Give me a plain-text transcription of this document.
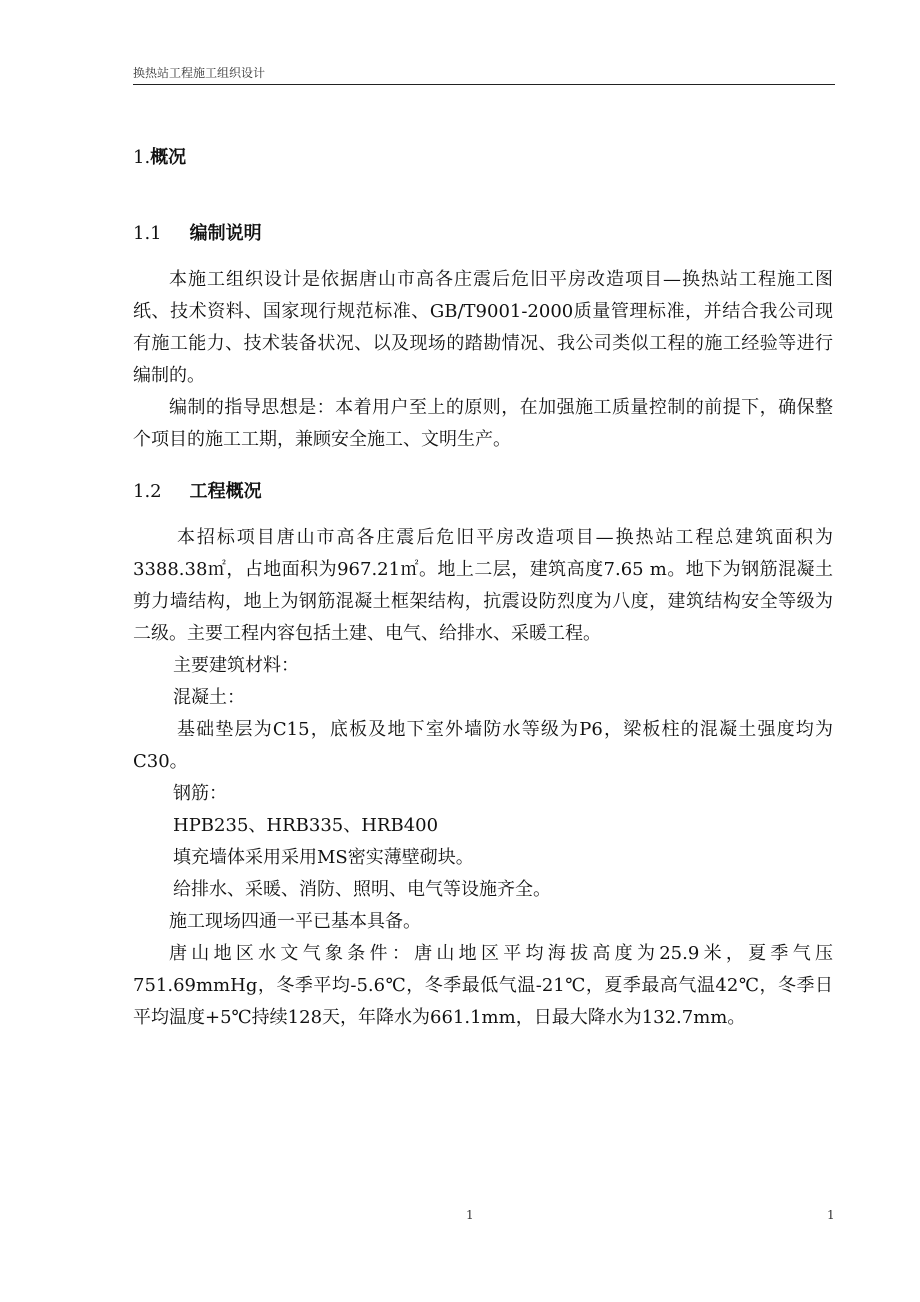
换热站工程施工组织设计
1.概况
1.1 编制说明

本施工组织设计是依据唐山市高各庄震后危旧平房改造项目—换热站工程施工图纸、技术资料、国家现行规范标准、GB/T9001-2000质量管理标准，并结合我公司现有施工能力、技术装备状况、以及现场的踏勘情况、我公司类似工程的施工经验等进行编制的。

编制的指导思想是：本着用户至上的原则，在加强施工质量控制的前提下，确保整个项目的施工工期，兼顾安全施工、文明生产。

1.2 工程概况

本招标项目唐山市高各庄震后危旧平房改造项目—换热站工程总建筑面积为3388.38㎡，占地面积为967.21㎡。地上二层，建筑高度7.65 m。地下为钢筋混凝土剪力墙结构，地上为钢筋混凝土框架结构，抗震设防烈度为八度，建筑结构安全等级为二级。主要工程内容包括土建、电气、给排水、采暖工程。

主要建筑材料：

混凝土：

基础垫层为C15，底板及地下室外墙防水等级为P6，梁板柱的混凝土强度均为C30。

钢筋：

HPB235、HRB335、HRB400

填充墙体采用采用MS密实薄壁砌块。

给排水、采暖、消防、照明、电气等设施齐全。

施工现场四通一平已基本具备。

唐山地区水文气象条件：唐山地区平均海拔高度为25.9米，夏季气压751.69mmHg，冬季平均-5.6℃，冬季最低气温-21℃，夏季最高气温42℃，冬季日平均温度+5℃持续128天，年降水为661.1mm，日最大降水为132.7mm。

1	1
